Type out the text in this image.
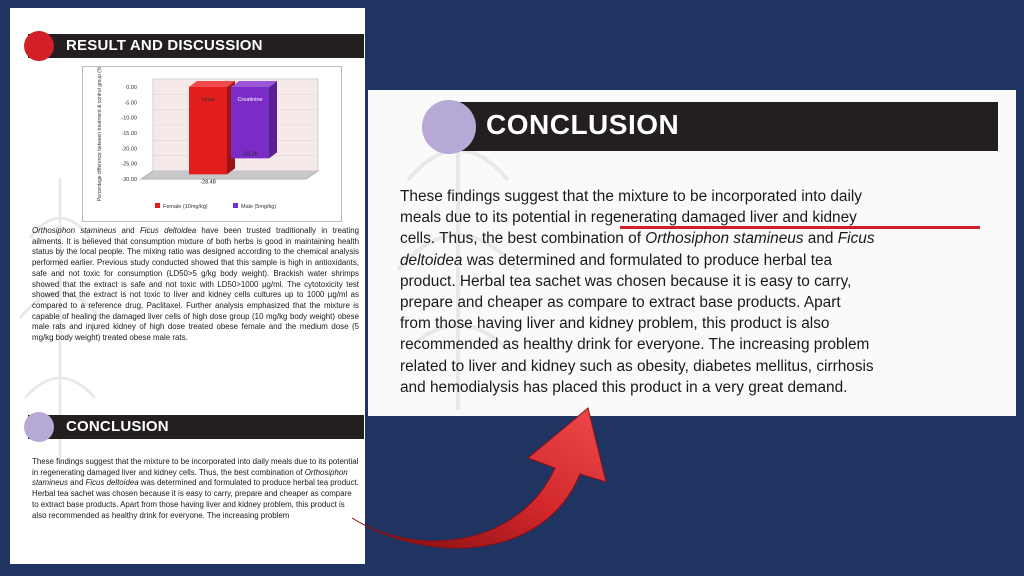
RESULT AND DISCUSSION
0.00
-5.00
-10.00
-15.00
-20.00
-25.00
-30.00
Percentage difference between treatment & control group (%)	Urea
-28.48
Creatinine
-23.26
Female (10mg/kg)	Male (5mg/kg)
Orthosiphon stamineus and Ficus deltoidea have been trusted traditionally in treating ailments. It is believed that consumption mixture of both herbs is good in maintaining health status by the local people. The mixing ratio was designed according to the chemical analysis performed earlier. Previous study conducted showed that this sample is high in antioxidants, safe and not toxic for consumption (LD50>5 g/kg body weight). Brackish water shrimps showed that the extract is safe and not toxic with LD50>1000 µg/ml. The cytotoxicity test showed that the extract is not toxic to liver and kidney cells cultures up to 1000 µg/ml as compared to a reference drug, Paclitaxel. Further analysis emphasized that the mixture is capable of healing the damaged liver cells of high dose group (10 mg/kg body weight) obese male rats and injured kidney of high dose treated obese female and the medium dose (5 mg/kg body weight) treated obese male rats.
CONCLUSION
These findings suggest that the mixture to be incorporated into daily meals due to its potential in regenerating damaged liver and kidney cells. Thus, the best combination of Orthosiphon stamineus and Ficus deltoidea was determined and formulated to produce herbal tea product. Herbal tea sachet was chosen because it is easy to carry, prepare and cheaper as compare to extract base products. Apart from those having liver and kidney problem, this product is also recommended as healthy drink for everyone. The increasing problem
CONCLUSION
These findings suggest that the mixture to be incorporated into daily
meals due to its potential in regenerating damaged liver and kidney
cells. Thus, the best combination of Orthosiphon stamineus and Ficus
deltoidea was determined and formulated to produce herbal tea
product. Herbal tea sachet was chosen because it is easy to carry,
prepare and cheaper as compare to extract base products. Apart
from those having liver and kidney problem, this product is also
recommended as healthy drink for everyone. The increasing problem
related to liver and kidney such as obesity, diabetes mellitus, cirrhosis
and hemodialysis has placed this product in a very great demand.
